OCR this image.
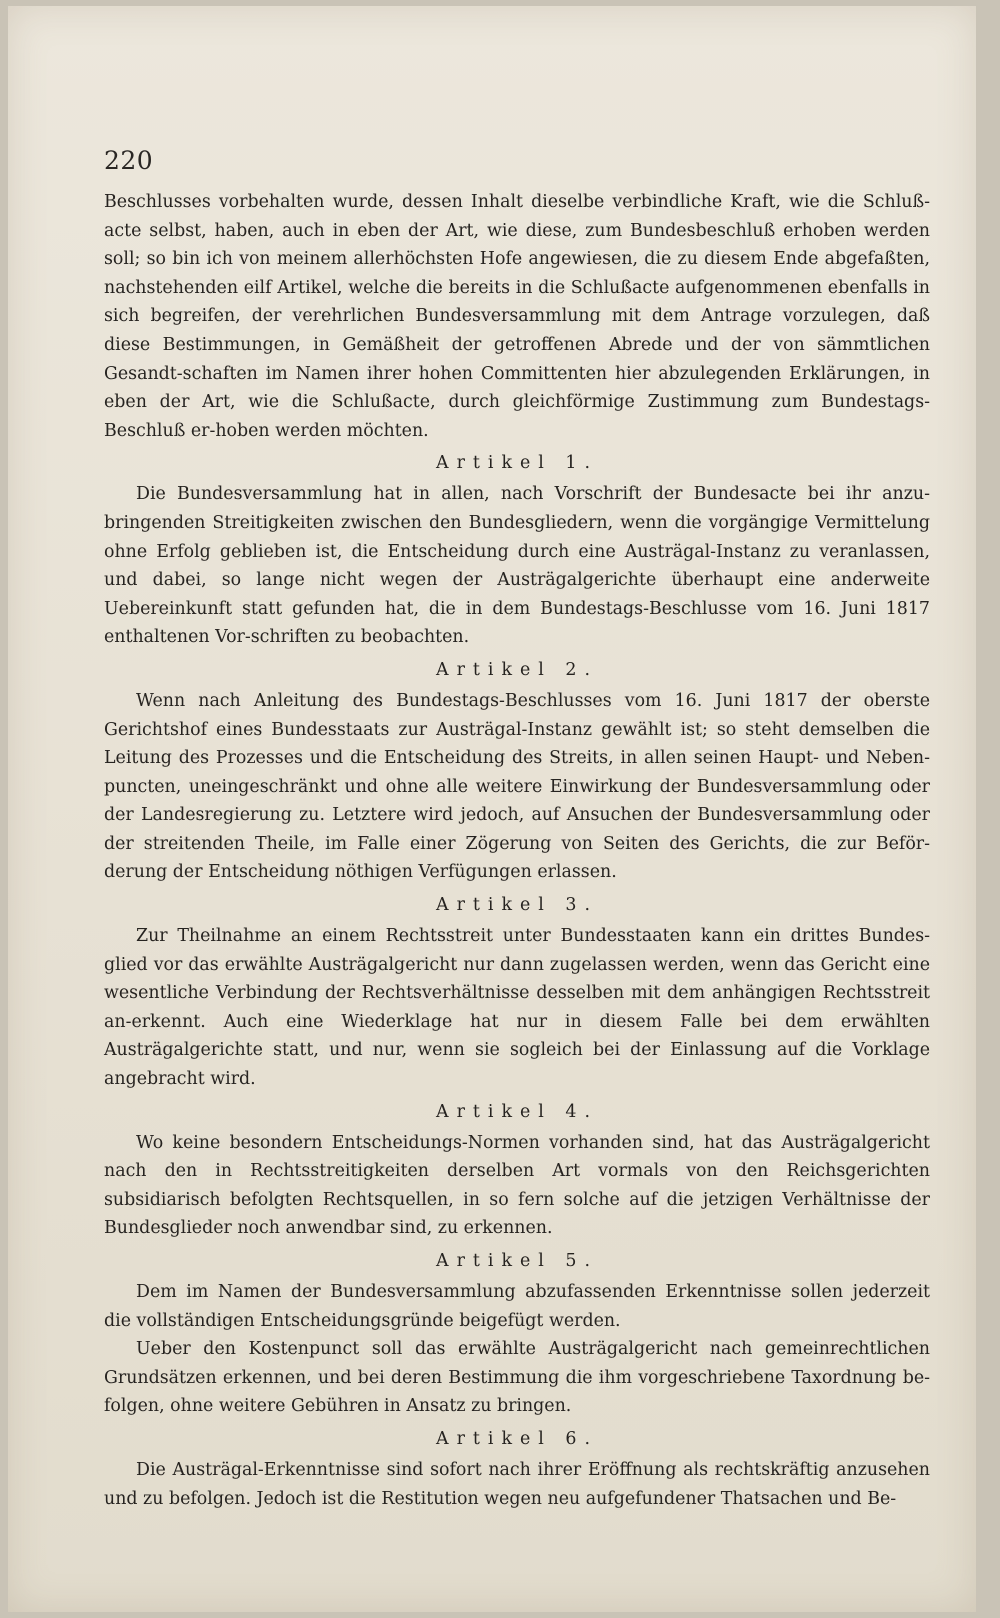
220

Beschlusses vorbehalten wurde, dessen Inhalt dieselbe verbindliche Kraft, wie die Schluß-acte selbst, haben, auch in eben der Art, wie diese, zum Bundesbeschluß erhoben werden soll; so bin ich von meinem allerhöchsten Hofe angewiesen, die zu diesem Ende abgefaßten, nachstehenden eilf Artikel, welche die bereits in die Schlußacte aufgenommenen ebenfalls in sich begreifen, der verehrlichen Bundesversammlung mit dem Antrage vorzulegen, daß diese Bestimmungen, in Gemäßheit der getroffenen Abrede und der von sämmtlichen Gesandt-schaften im Namen ihrer hohen Committenten hier abzulegenden Erklärungen, in eben der Art, wie die Schlußacte, durch gleichförmige Zustimmung zum Bundestags-Beschluß er-hoben werden möchten.

Artikel 1.

Die Bundesversammlung hat in allen, nach Vorschrift der Bundesacte bei ihr anzu-bringenden Streitigkeiten zwischen den Bundesgliedern, wenn die vorgängige Vermittelung ohne Erfolg geblieben ist, die Entscheidung durch eine Austrägal-Instanz zu veranlassen, und dabei, so lange nicht wegen der Austrägalgerichte überhaupt eine anderweite Uebereinkunft statt gefunden hat, die in dem Bundestags-Beschlusse vom 16. Juni 1817 enthaltenen Vor-schriften zu beobachten.

Artikel 2.

Wenn nach Anleitung des Bundestags-Beschlusses vom 16. Juni 1817 der oberste Gerichtshof eines Bundesstaats zur Austrägal-Instanz gewählt ist; so steht demselben die Leitung des Prozesses und die Entscheidung des Streits, in allen seinen Haupt- und Neben-puncten, uneingeschränkt und ohne alle weitere Einwirkung der Bundesversammlung oder der Landesregierung zu. Letztere wird jedoch, auf Ansuchen der Bundesversammlung oder der streitenden Theile, im Falle einer Zögerung von Seiten des Gerichts, die zur Beför-derung der Entscheidung nöthigen Verfügungen erlassen.

Artikel 3.

Zur Theilnahme an einem Rechtsstreit unter Bundesstaaten kann ein drittes Bundes-glied vor das erwählte Austrägalgericht nur dann zugelassen werden, wenn das Gericht eine wesentliche Verbindung der Rechtsverhältnisse desselben mit dem anhängigen Rechtsstreit an-erkennt. Auch eine Wiederklage hat nur in diesem Falle bei dem erwählten Austrägalgerichte statt, und nur, wenn sie sogleich bei der Einlassung auf die Vorklage angebracht wird.

Artikel 4.

Wo keine besondern Entscheidungs-Normen vorhanden sind, hat das Austrägalgericht nach den in Rechtsstreitigkeiten derselben Art vormals von den Reichsgerichten subsidiarisch befolgten Rechtsquellen, in so fern solche auf die jetzigen Verhältnisse der Bundesglieder noch anwendbar sind, zu erkennen.

Artikel 5.

Dem im Namen der Bundesversammlung abzufassenden Erkenntnisse sollen jederzeit die vollständigen Entscheidungsgründe beigefügt werden.

Ueber den Kostenpunct soll das erwählte Austrägalgericht nach gemeinrechtlichen Grundsätzen erkennen, und bei deren Bestimmung die ihm vorgeschriebene Taxordnung be-folgen, ohne weitere Gebühren in Ansatz zu bringen.

Artikel 6.

Die Austrägal-Erkenntnisse sind sofort nach ihrer Eröffnung als rechtskräftig anzusehen und zu befolgen. Jedoch ist die Restitution wegen neu aufgefundener Thatsachen und Be-
